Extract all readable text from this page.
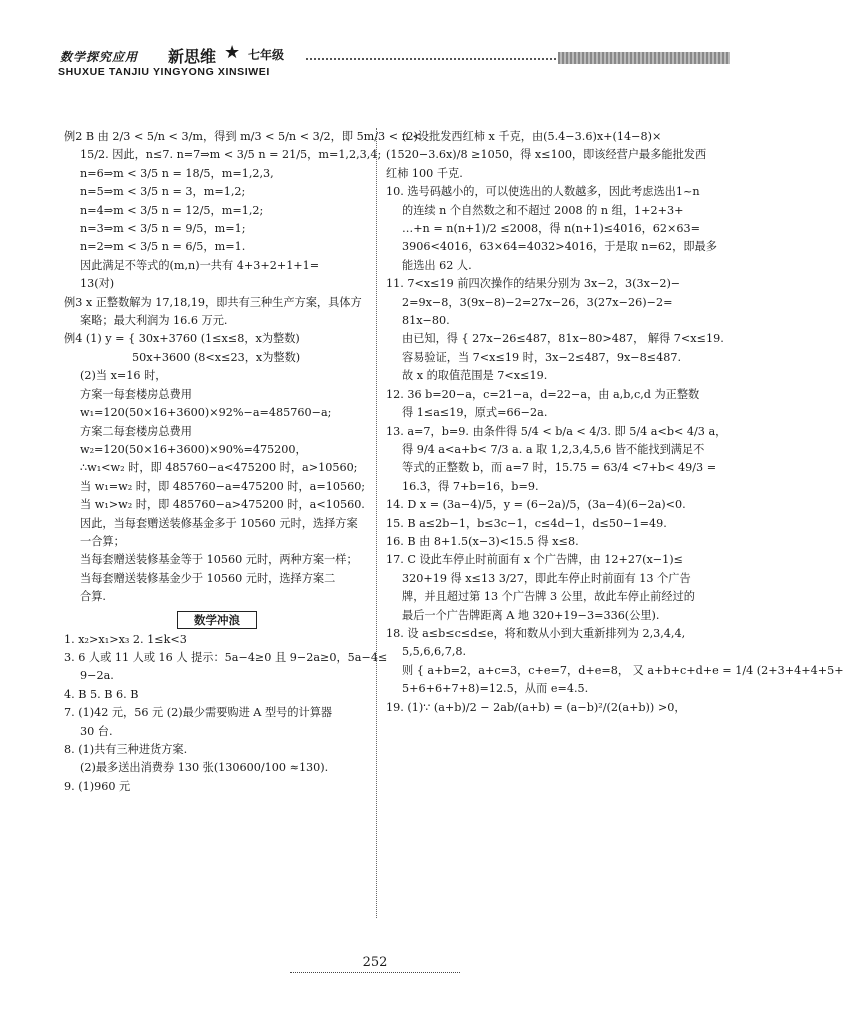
数学探究应用 新思维 ★ 七年级
SHUXUE TANJIU YINGYONG XINSIWEI
例2 B 由 2/3 < 5/n < 3/m，得到 m/3 < 5/n < 3/2，即 5m/3 < n <
15/2. 因此，n≤7. n=7⇒m < 3/5 n = 21/5，m=1,2,3,4;
n=6⇒m < 3/5 n = 18/5，m=1,2,3,
n=5⇒m < 3/5 n = 3，m=1,2;
n=4⇒m < 3/5 n = 12/5，m=1,2;
n=3⇒m < 3/5 n = 9/5，m=1;
n=2⇒m < 3/5 n = 6/5，m=1.
因此满足不等式的(m,n)一共有 4+3+2+1+1=
13(对)
例3 x 正整数解为 17,18,19，即共有三种生产方案，具体方
案略；最大利润为 16.6 万元.
例4 (1) y = { 30x+3760 (1≤x≤8，x为整数)
50x+3600 (8<x≤23，x为整数)
(2)当 x=16 时，
方案一每套楼房总费用
w₁=120(50×16+3600)×92%−a=485760−a;
方案二每套楼房总费用
w₂=120(50×16+3600)×90%=475200，
∴w₁<w₂ 时，即 485760−a<475200 时，a>10560;
当 w₁=w₂ 时，即 485760−a=475200 时，a=10560;
当 w₁>w₂ 时，即 485760−a>475200 时，a<10560.
因此，当每套赠送装修基金多于 10560 元时，选择方案
一合算；
当每套赠送装修基金等于 10560 元时，两种方案一样；
当每套赠送装修基金少于 10560 元时，选择方案二
合算.
数学冲浪
1. x₂>x₁>x₃ 2. 1≤k<3
3. 6 人或 11 人或 16 人 提示：5a−4≥0 且 9−2a≥0，5a−4≤
9−2a.
4. B 5. B 6. B
7. (1)42 元，56 元 (2)最少需要购进 A 型号的计算器
30 台.
8. (1)共有三种进货方案.
(2)最多送出消费券 130 张(130600/100 ≈130).
9. (1)960 元
(2)设批发西红柿 x 千克，由(5.4−3.6)x+(14−8)×
(1520−3.6x)/8 ≥1050，得 x≤100，即该经营户最多能批发西
红柿 100 千克.
10. 选号码越小的，可以使选出的人数越多，因此考虑选出1~n
的连续 n 个自然数之和不超过 2008 的 n 组，1+2+3+
…+n = n(n+1)/2 ≤2008，得 n(n+1)≤4016，62×63=
3906<4016，63×64=4032>4016，于是取 n=62，即最多
能选出 62 人.
11. 7<x≤19 前四次操作的结果分别为 3x−2，3(3x−2)−
2=9x−8，3(9x−8)−2=27x−26，3(27x−26)−2=
81x−80.
由已知，得 { 27x−26≤487，81x−80>487， 解得 7<x≤19.
容易验证，当 7<x≤19 时，3x−2≤487，9x−8≤487.
故 x 的取值范围是 7<x≤19.
12. 36 b=20−a，c=21−a，d=22−a，由 a,b,c,d 为正整数
得 1≤a≤19，原式=66−2a.
13. a=7，b=9. 由条件得 5/4 < b/a < 4/3. 即 5/4 a<b< 4/3 a，
得 9/4 a<a+b< 7/3 a. a 取 1,2,3,4,5,6 皆不能找到满足不
等式的正整数 b，而 a=7 时，15.75 = 63/4 <7+b< 49/3 =
16.3̇，得 7+b=16，b=9.
14. D x = (3a−4)/5，y = (6−2a)/5，(3a−4)(6−2a)<0.
15. B a≤2b−1，b≤3c−1，c≤4d−1，d≤50−1=49.
16. B 由 8+1.5(x−3)<15.5 得 x≤8.
17. C 设此车停止时前面有 x 个广告牌，由 12+27(x−1)≤
320+19 得 x≤13 3/27，即此车停止时前面有 13 个广告
牌，并且超过第 13 个广告牌 3 公里，故此车停止前经过的
最后一个广告牌距离 A 地 320+19−3=336(公里).
18. 设 a≤b≤c≤d≤e，将和数从小到大重新排列为 2,3,4,4,
5,5,6,6,7,8.
则 { a+b=2，a+c=3，c+e=7，d+e=8， 又 a+b+c+d+e = 1/4 (2+3+4+4+5+
5+6+6+7+8)=12.5，从而 e=4.5.
19. (1)∵ (a+b)/2 − 2ab/(a+b) = (a−b)²/(2(a+b)) >0，
252
